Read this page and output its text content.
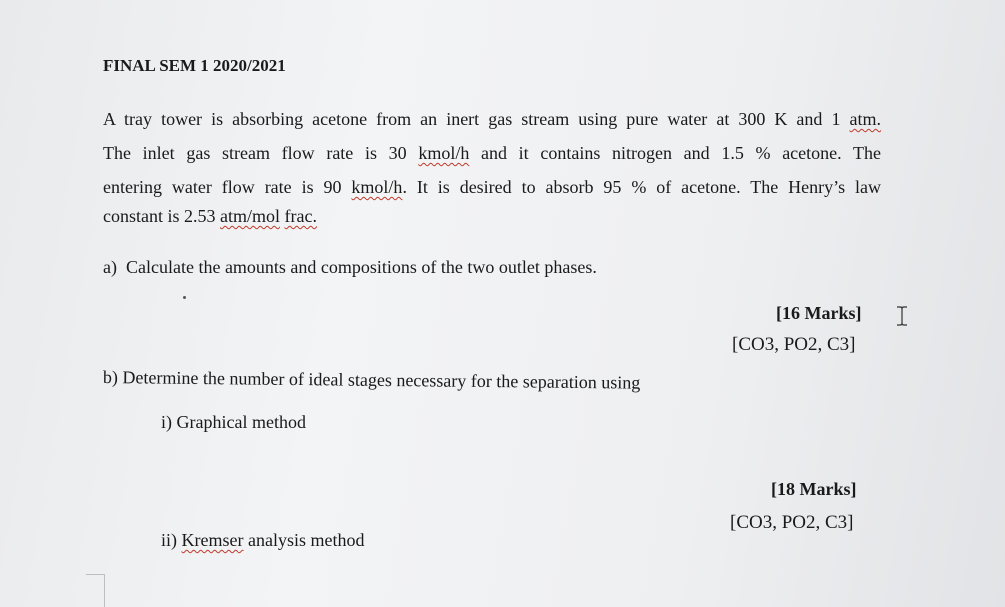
FINAL SEM 1 2020/2021
A tray tower is absorbing acetone from an inert gas stream using pure water at 300 K and 1 atm.
The inlet gas stream flow rate is 30 kmol/h and it contains nitrogen and 1.5 % acetone. The
entering water flow rate is 90 kmol/h. It is desired to absorb 95 % of acetone. The Henry’s law
constant is 2.53 atm/mol frac.
a)  Calculate the amounts and compositions of the two outlet phases.
[16 Marks]
[CO3, PO2, C3]
b) Determine the number of ideal stages necessary for the separation using
i) Graphical method
[18 Marks]
[CO3, PO2, C3]
ii) Kremser analysis method
